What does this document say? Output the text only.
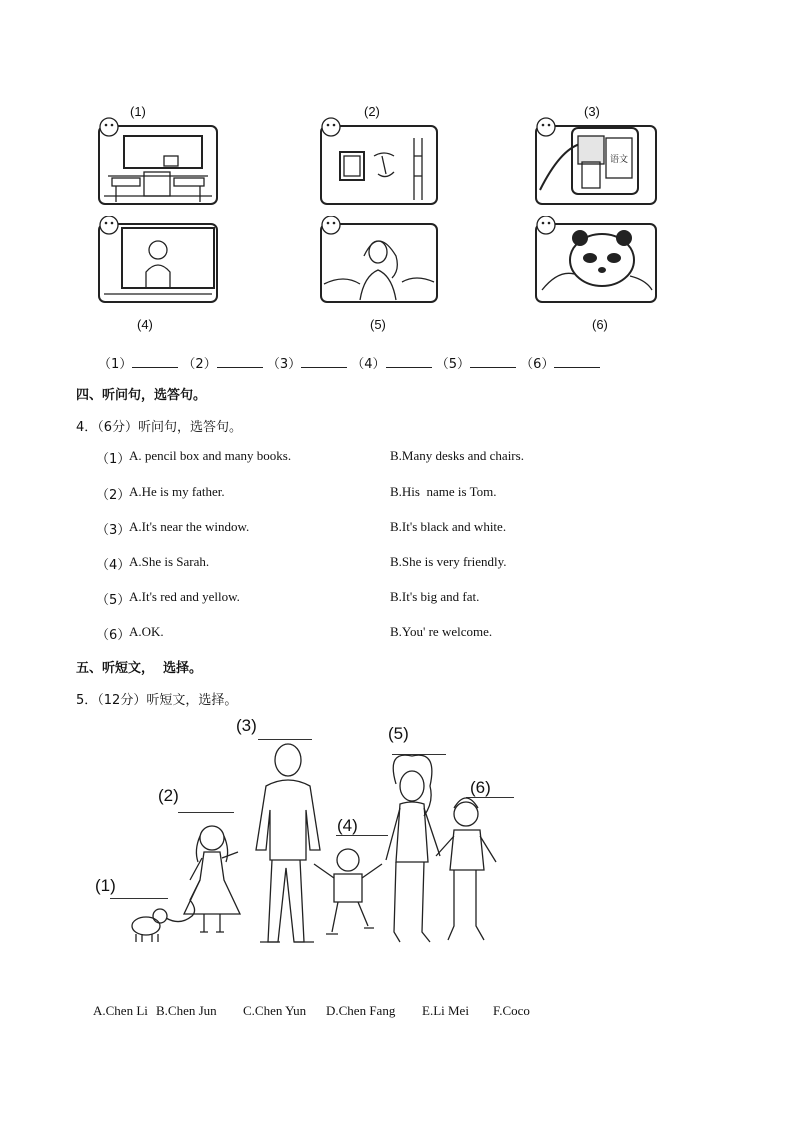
(1)	(2)	(3)
(4)	(5)	(6)
语文
（1）	（2）	（3）	（4）	（5）	（6）
四、听问句，选答句。
4．（6分）听问句，选答句。
（1）
A. pencil box and many books.	B.Many desks and chairs.
（2）
A.He is my father.	B.His  name is Tom.
（3）
A.It's near the window.	B.It's black and white.
（4）
A.She is Sarah.	B.She is very friendly.
（5）
A.It's red and yellow.	B.It's big and fat.
（6）
A.OK.	B.You' re welcome.
五、听短文，  选择。
5．（12分）听短文，选择。
(3)	(5)
(2)	(6)
(4)
(1)
A.Chen Li B.Chen Jun C.Chen Yun D.Chen Fang E.Li Mei F.Coco
